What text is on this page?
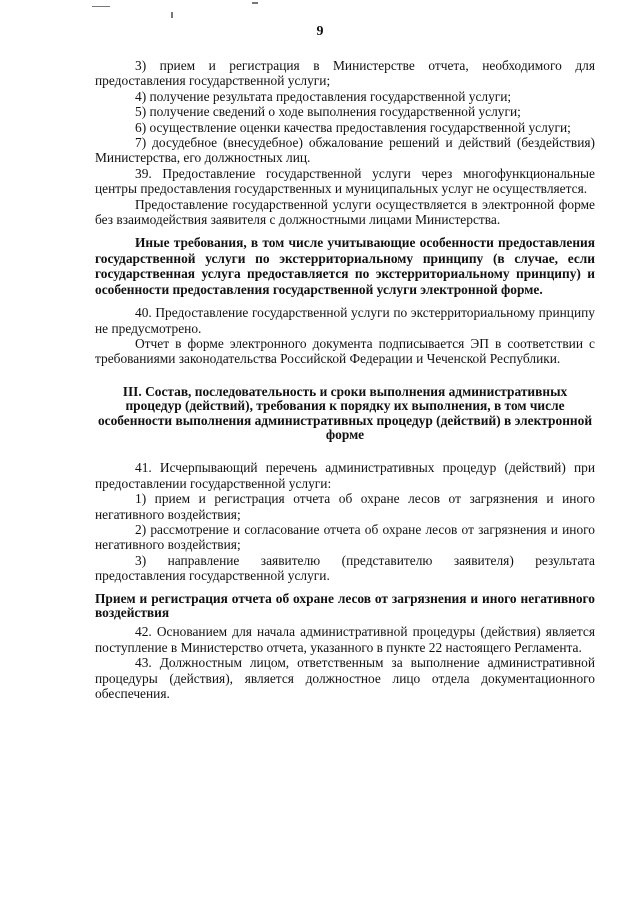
9

3) прием и регистрация в Министерстве отчета, необходимого для предоставления государственной услуги;

4) получение результата предоставления государственной услуги;

5) получение сведений о ходе выполнения государственной услуги;

6) осуществление оценки качества предоставления государственной услуги;

7) досудебное (внесудебное) обжалование решений и действий (бездействия) Министерства, его должностных лиц.

39. Предоставление государственной услуги через многофункциональные центры предоставления государственных и муниципальных услуг не осуществляется.

Предоставление государственной услуги осуществляется в электронной форме без взаимодействия заявителя с должностными лицами Министерства.

Иные требования, в том числе учитывающие особенности предоставления государственной услуги по экстерриториальному принципу (в случае, если государственная услуга предоставляется по экстерриториальному принципу) и особенности предоставления государственной услуги электронной форме.

40. Предоставление государственной услуги по экстерриториальному принципу не предусмотрено.

Отчет в форме электронного документа подписывается ЭП в соответствии с требованиями законодательства Российской Федерации и Чеченской Республики.

III. Состав, последовательность и сроки выполнения административных процедур (действий), требования к порядку их выполнения, в том числе особенности выполнения административных процедур (действий) в электронной форме

41. Исчерпывающий перечень административных процедур (действий) при предоставлении государственной услуги:

1) прием и регистрация отчета об охране лесов от загрязнения и иного негативного воздействия;

2) рассмотрение и согласование отчета об охране лесов от загрязнения и иного негативного воздействия;

3) направление заявителю (представителю заявителя) результата предоставления государственной услуги.

Прием и регистрация отчета об охране лесов от загрязнения и иного негативного воздействия

42. Основанием для начала административной процедуры (действия) является поступление в Министерство отчета, указанного в пункте 22 настоящего Регламента.

43. Должностным лицом, ответственным за выполнение административной процедуры (действия), является должностное лицо отдела документационного обеспечения.
